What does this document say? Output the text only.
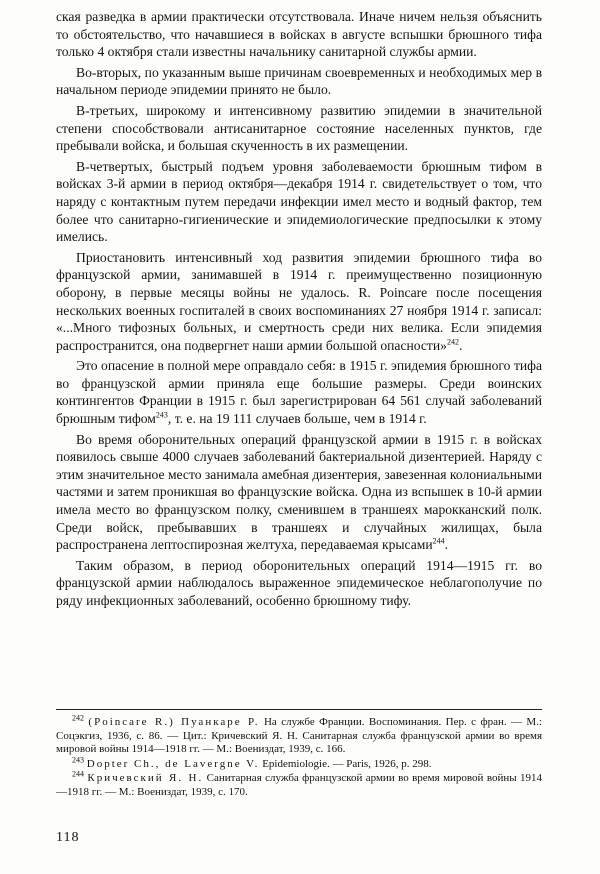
ская разведка в армии практически отсутствовала. Иначе ничем нельзя объяснить то обстоятельство, что начавшиеся в войсках в августе вспышки брюшного тифа только 4 октября стали известны начальнику санитарной службы армии.

Во-вторых, по указанным выше причинам своевременных и необходимых мер в начальном периоде эпидемии принято не было.

В-третьих, широкому и интенсивному развитию эпидемии в значительной степени способствовали антисанитарное состояние населенных пунктов, где пребывали войска, и большая скученность в их размещении.

В-четвертых, быстрый подъем уровня заболеваемости брюшным тифом в войсках 3-й армии в период октября—декабря 1914 г. свидетельствует о том, что наряду с контактным путем передачи инфекции имел место и водный фактор, тем более что санитарно-гигиенические и эпидемиологические предпосылки к этому имелись.

Приостановить интенсивный ход развития эпидемии брюшного тифа во французской армии, занимавшей в 1914 г. преимущественно позиционную оборону, в первые месяцы войны не удалось. R. Poincare после посещения нескольких военных госпиталей в своих воспоминаниях 27 ноября 1914 г. записал: «...Много тифозных больных, и смертность среди них велика. Если эпидемия распространится, она подвергнет наши армии большой опасности»$^{242}$.

Это опасение в полной мере оправдало себя: в 1915 г. эпидемия брюшного тифа во французской армии приняла еще большие размеры. Среди воинских контингентов Франции в 1915 г. был зарегистрирован 64 561 случай заболеваний брюшным тифом$^{243}$, т. е. на 19 111 случаев больше, чем в 1914 г.

Во время оборонительных операций французской армии в 1915 г. в войсках появилось свыше 4000 случаев заболеваний бактериальной дизентерией. Наряду с этим значительное место занимала амебная дизентерия, завезенная колониальными частями и затем проникшая во французские войска. Одна из вспышек в 10-й армии имела место во французском полку, сменившем в траншеях марокканский полк. Среди войск, пребывавших в траншеях и случайных жилищах, была распространена лептоспирозная желтуха, передаваемая крысами$^{244}$.

Таким образом, в период оборонительных операций 1914—1915 гг. во французской армии наблюдалось выраженное эпидемическое неблагополучие по ряду инфекционных заболеваний, особенно брюшному тифу.

$^{242}$ (Poincare R.) Пуанкаре Р. На службе Франции. Воспоминания. Пер. с фран. — М.: Соцэкгиз, 1936, с. 86. — Цит.: Кричевский Я. Н. Санитарная служба французской армии во время мировой войны 1914—1918 гг. — М.: Воениздат, 1939, с. 166.

$^{243}$ Dopter Ch., de Lavergne V. Epidemiologie. — Paris, 1926, p. 298.

$^{244}$ Кричевский Я. Н. Санитарная служба французской армии во время мировой войны 1914—1918 гг. — М.: Воениздат, 1939, с. 170.

118
